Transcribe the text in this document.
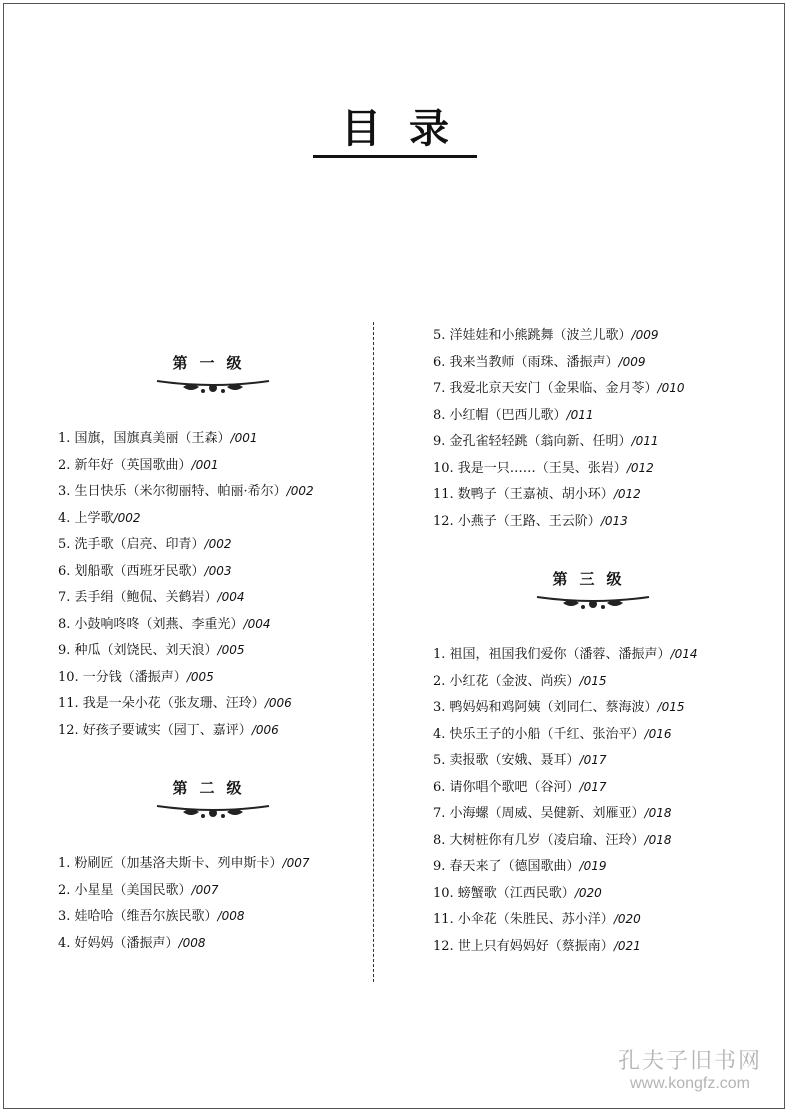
目录
第一级
1. 国旗，国旗真美丽（王森）/001
2. 新年好（英国歌曲）/001
3. 生日快乐（米尔彻丽特、帕丽·希尔）/002
4. 上学歌/002
5. 洗手歌（启亮、印青）/002
6. 划船歌（西班牙民歌）/003
7. 丢手绢（鲍侃、关鹤岩）/004
8. 小鼓响咚咚（刘燕、李重光）/004
9. 种瓜（刘饶民、刘天浪）/005
10. 一分钱（潘振声）/005
11. 我是一朵小花（张友珊、汪玲）/006
12. 好孩子要诚实（园丁、嘉评）/006
第二级
1. 粉刷匠（加基洛夫斯卡、列申斯卡）/007
2. 小星星（美国民歌）/007
3. 娃哈哈（维吾尔族民歌）/008
4. 好妈妈（潘振声）/008
5. 洋娃娃和小熊跳舞（波兰儿歌）/009
6. 我来当教师（雨珠、潘振声）/009
7. 我爱北京天安门（金果临、金月苓）/010
8. 小红帽（巴西儿歌）/011
9. 金孔雀轻轻跳（翁向新、任明）/011
10. 我是一只……（王昊、张岩）/012
11. 数鸭子（王嘉祯、胡小环）/012
12. 小燕子（王路、王云阶）/013
第三级
1. 祖国，祖国我们爱你（潘蓉、潘振声）/014
2. 小红花（金波、尚疾）/015
3. 鸭妈妈和鸡阿姨（刘同仁、蔡海波）/015
4. 快乐王子的小船（千红、张治平）/016
5. 卖报歌（安娥、聂耳）/017
6. 请你唱个歌吧（谷河）/017
7. 小海螺（周威、吴健新、刘雁亚）/018
8. 大树桩你有几岁（凌启瑜、汪玲）/018
9. 春天来了（德国歌曲）/019
10. 螃蟹歌（江西民歌）/020
11. 小伞花（朱胜民、苏小洋）/020
12. 世上只有妈妈好（蔡振南）/021
孔夫子旧书网
www.kongfz.com
